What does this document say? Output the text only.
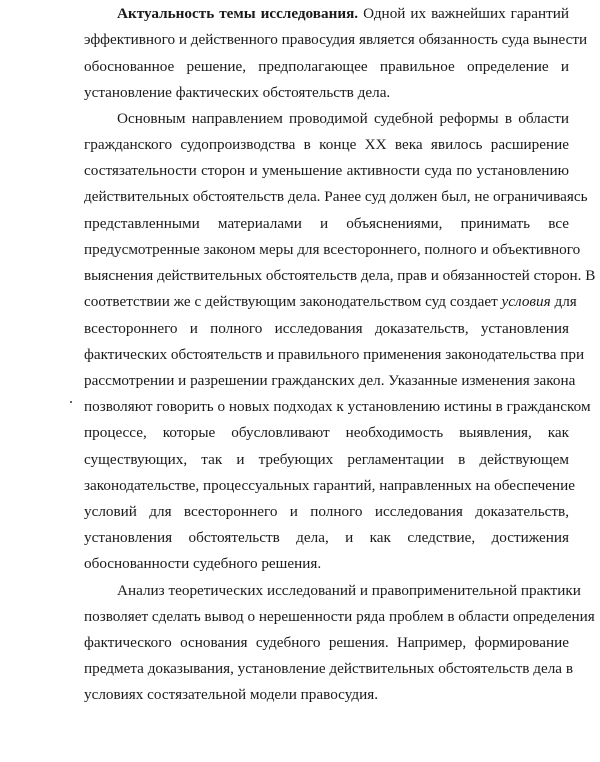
Актуальность темы исследования. Одной их важнейших гарантий
эффективного и действенного правосудия является обязанность суда вынести
обоснованное решение, предполагающее правильное определение и
установление фактических обстоятельств дела.
Основным направлением проводимой судебной реформы в области
гражданского судопроизводства в конце XX века явилось расширение
состязательности сторон и уменьшение активности суда по установлению
действительных обстоятельств дела. Ранее суд должен был, не ограничиваясь
представленными материалами и объяснениями, принимать все
предусмотренные законом меры для всестороннего, полного и объективного
выяснения действительных обстоятельств дела, прав и обязанностей сторон. В
соответствии же с действующим законодательством суд создает условия для
всестороннего и полного исследования доказательств, установления
фактических обстоятельств и правильного применения законодательства при
рассмотрении и разрешении гражданских дел. Указанные изменения закона
позволяют говорить о новых подходах к установлению истины в гражданском
процессе, которые обусловливают необходимость выявления, как
существующих, так и требующих регламентации в действующем
законодательстве, процессуальных гарантий, направленных на обеспечение
условий для всестороннего и полного исследования доказательств,
установления обстоятельств дела, и как следствие, достижения
обоснованности судебного решения.
Анализ теоретических исследований и правоприменительной практики
позволяет сделать вывод о нерешенности ряда проблем в области определения
фактического основания судебного решения. Например, формирование
предмета доказывания, установление действительных обстоятельств дела в
условиях состязательной модели правосудия.
